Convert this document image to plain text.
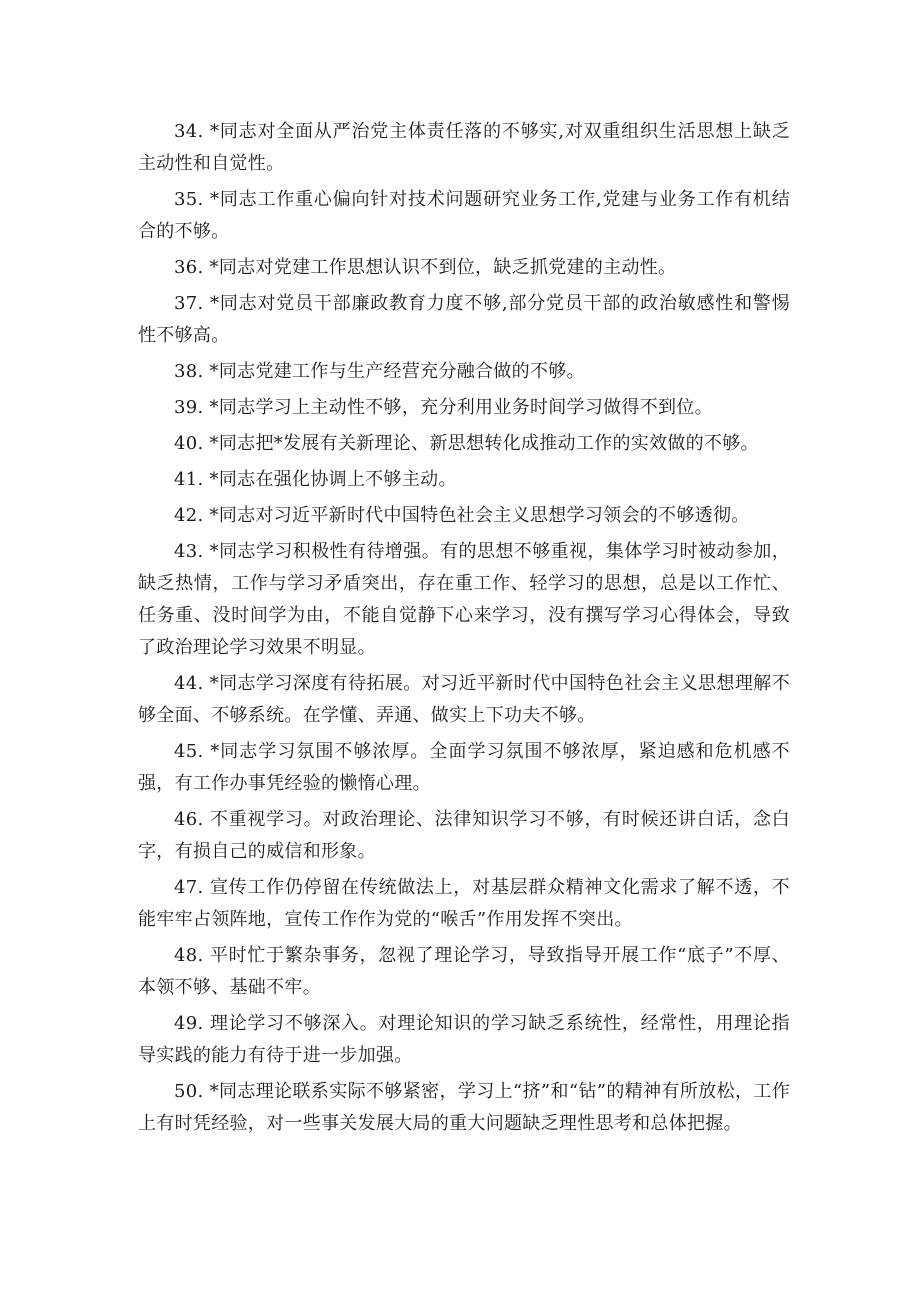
34. *同志对全面从严治党主体责任落的不够实,对双重组织生活思想上缺乏主动性和自觉性。

35. *同志工作重心偏向针对技术问题研究业务工作,党建与业务工作有机结合的不够。

36. *同志对党建工作思想认识不到位，缺乏抓党建的主动性。

37. *同志对党员干部廉政教育力度不够,部分党员干部的政治敏感性和警惕性不够高。

38. *同志党建工作与生产经营充分融合做的不够。

39. *同志学习上主动性不够，充分利用业务时间学习做得不到位。

40. *同志把*发展有关新理论、新思想转化成推动工作的实效做的不够。

41. *同志在强化协调上不够主动。

42. *同志对习近平新时代中国特色社会主义思想学习领会的不够透彻。

43. *同志学习积极性有待增强。有的思想不够重视，集体学习时被动参加，缺乏热情，工作与学习矛盾突出，存在重工作、轻学习的思想，总是以工作忙、任务重、没时间学为由，不能自觉静下心来学习，没有撰写学习心得体会，导致了政治理论学习效果不明显。

44. *同志学习深度有待拓展。对习近平新时代中国特色社会主义思想理解不够全面、不够系统。在学懂、弄通、做实上下功夫不够。

45. *同志学习氛围不够浓厚。全面学习氛围不够浓厚，紧迫感和危机感不强，有工作办事凭经验的懒惰心理。

46. 不重视学习。对政治理论、法律知识学习不够，有时候还讲白话，念白字，有损自己的威信和形象。

47. 宣传工作仍停留在传统做法上，对基层群众精神文化需求了解不透，不能牢牢占领阵地，宣传工作作为党的“喉舌”作用发挥不突出。

48. 平时忙于繁杂事务，忽视了理论学习，导致指导开展工作“底子”不厚、本领不够、基础不牢。

49. 理论学习不够深入。对理论知识的学习缺乏系统性，经常性，用理论指导实践的能力有待于进一步加强。

50. *同志理论联系实际不够紧密，学习上“挤”和“钻”的精神有所放松，工作上有时凭经验，对一些事关发展大局的重大问题缺乏理性思考和总体把握。
